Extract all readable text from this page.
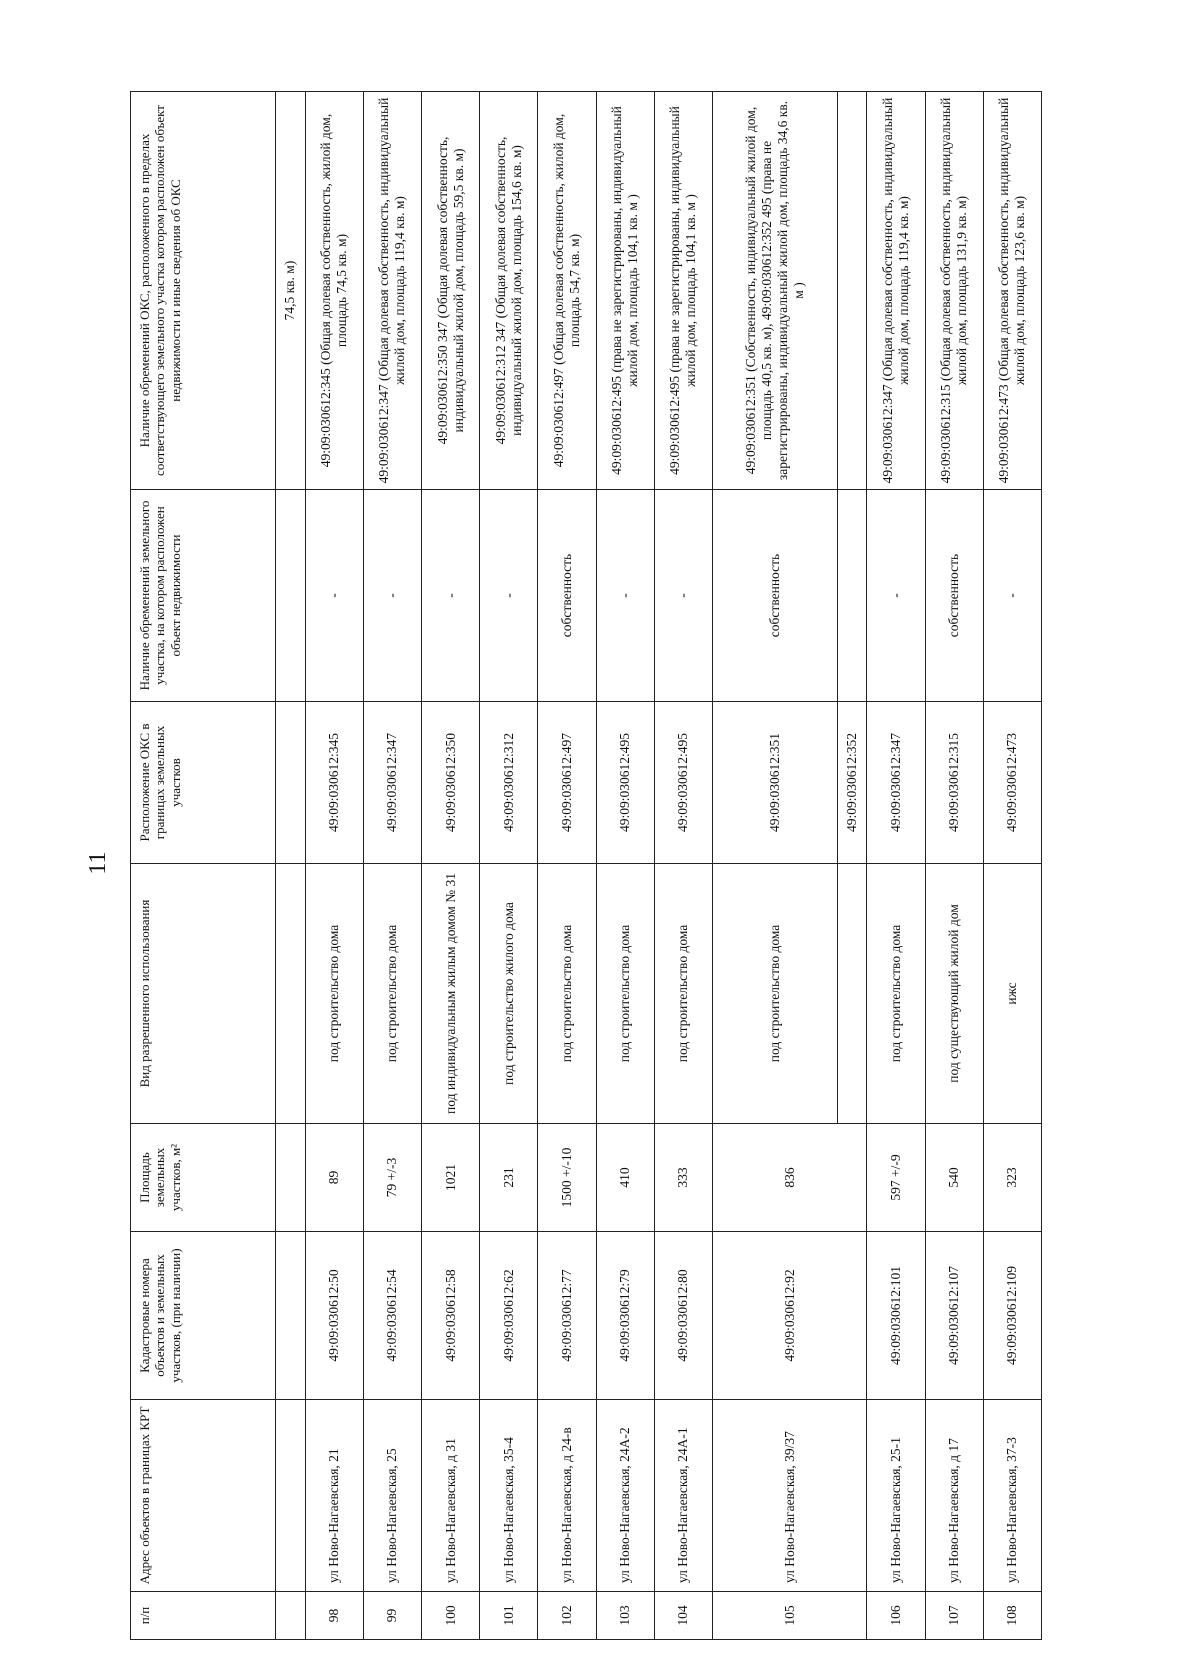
11
п/п	Адрес объектов в границах КРТ	Кадастровые номера объектов и земельных участков, (при наличии)	Площадь земельных участков, м²	Вид разрешенного использования	Расположение ОКС в границах земельных участков	Наличие обременений земельного участка, на котором расположен объект недвижимости	Наличие обременений ОКС, расположенного в пределах соответствующего земельного участка котором расположен объект недвижимости и иные сведения об ОКС
							74,5 кв. м)
98	ул Ново-Нагаевская, 21	49:09:030612:50	89	под строительство дома	49:09:030612:345	-	49:09:030612:345 (Общая долевая собственность, жилой дом, площадь 74,5 кв. м)
99	ул Ново-Нагаевская, 25	49:09:030612:54	79 +/-3	под строительство дома	49:09:030612:347	-	49:09:030612:347 (Общая долевая собственность, индивидуальный жилой дом, площадь 119,4 кв. м)
100	ул Ново-Нагаевская, д 31	49:09:030612:58	1021	под индивидуальным жилым домом № 31	49:09:030612:350	-	49:09:030612:350 347 (Общая долевая собственность, индивидуальный жилой дом, площадь 59,5 кв. м)
101	ул Ново-Нагаевская, 35-4	49:09:030612:62	231	под строительство жилого дома	49:09:030612:312	-	49:09:030612:312 347 (Общая долевая собственность, индивидуальный жилой дом, площадь 154,6 кв. м)
102	ул Ново-Нагаевская, д 24-в	49:09:030612:77	1500 +/-10	под строительство дома	49:09:030612:497	собственность	49:09:030612:497 (Общая долевая собственность, жилой дом, площадь 54,7 кв. м)
103	ул Ново-Нагаевская, 24А-2	49:09:030612:79	410	под строительство дома	49:09:030612:495	-	49:09:030612:495 (права не зарегистрированы, индивидуальный жилой дом, площадь 104,1 кв. м )
104	ул Ново-Нагаевская, 24А-1	49:09:030612:80	333	под строительство дома	49:09:030612:495	-	49:09:030612:495 (права не зарегистрированы, индивидуальный жилой дом, площадь 104,1 кв. м )
105	ул Ново-Нагаевская, 39/37	49:09:030612:92	836	под строительство дома	49:09:030612:351	собственность	49:09:030612:351 (Собственность, индивидуальный жилой дом, площадь 40,5 кв. м), 49:09:030612:352 495 (права не зарегистрированы, индивидуальный жилой дом, площадь 34,6 кв. м )
					49:09:030612:352		
106	ул Ново-Нагаевская, 25-1	49:09:030612:101	597 +/-9	под строительство дома	49:09:030612:347	-	49:09:030612:347 (Общая долевая собственность, индивидуальный жилой дом, площадь 119,4 кв. м)
107	ул Ново-Нагаевская, д 17	49:09:030612:107	540	под существующий жилой дом	49:09:030612:315	собственность	49:09:030612:315 (Общая долевая собственность, индивидуальный жилой дом, площадь 131,9 кв. м)
108	ул Ново-Нагаевская, 37-3	49:09:030612:109	323	ижс	49:09:030612:473	-	49:09:030612:473 (Общая долевая собственность, индивидуальный жилой дом, площадь 123,6 кв. м)
